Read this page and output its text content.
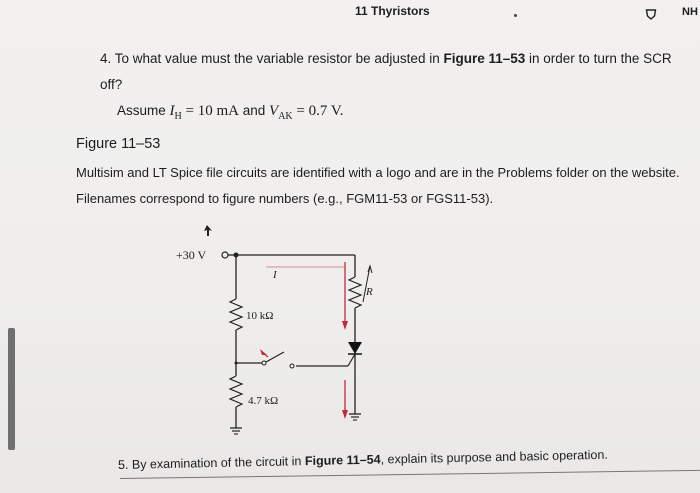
11 Thyristors	NH
4. To what value must the variable resistor be adjusted in Figure 11–53 in order to turn the SCR off?
Assume $I_H = 10$ mA and $V_{AK} = 0.7$ V.
Figure 11–53
Multisim and LT Spice file circuits are identified with a logo and are in the Problems folder on the website.
Filenames correspond to figure numbers (e.g., FGM11-53 or FGS11-53).
+30 V
R
I
10 kΩ
4.7 kΩ
5. By examination of the circuit in Figure 11–54, explain its purpose and basic operation.
